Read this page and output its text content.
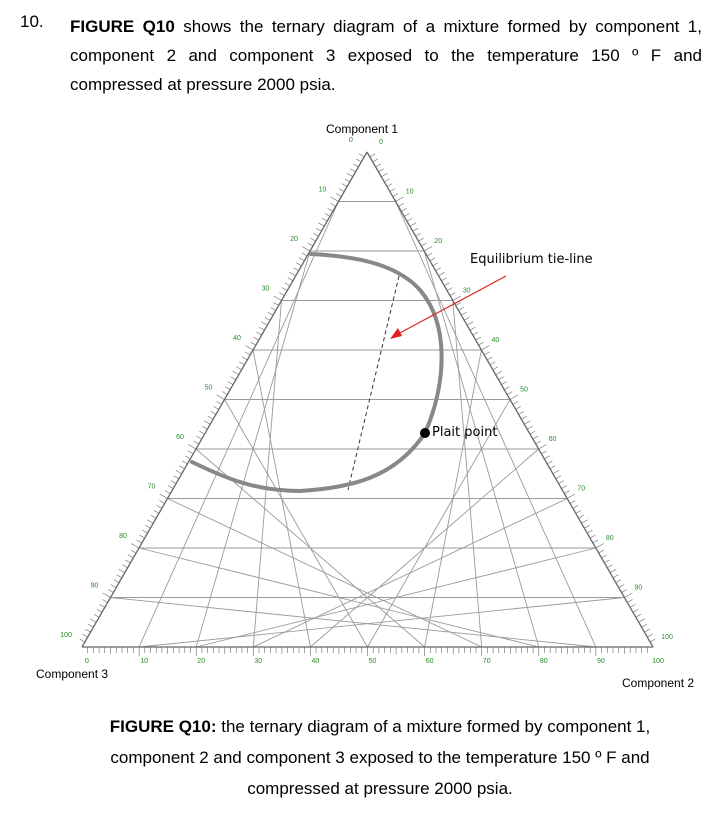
10. FIGURE Q10 shows the ternary diagram of a mixture formed by component 1, component 2 and component 3 exposed to the temperature 150 º F and compressed at pressure 2000 psia.
0
100	100
10
90	90
20
80	80
30
70	70
40
60	60
50
50	50
60
40	40
70
30	30
80
20	20
90
10	10
100
0	0
Component 1
Component 3
Component 2
Equilibrium tie-line
Plait point
FIGURE Q10: the ternary diagram of a mixture formed by component 1, component 2 and component 3 exposed to the temperature 150 º F and compressed at pressure 2000 psia.
